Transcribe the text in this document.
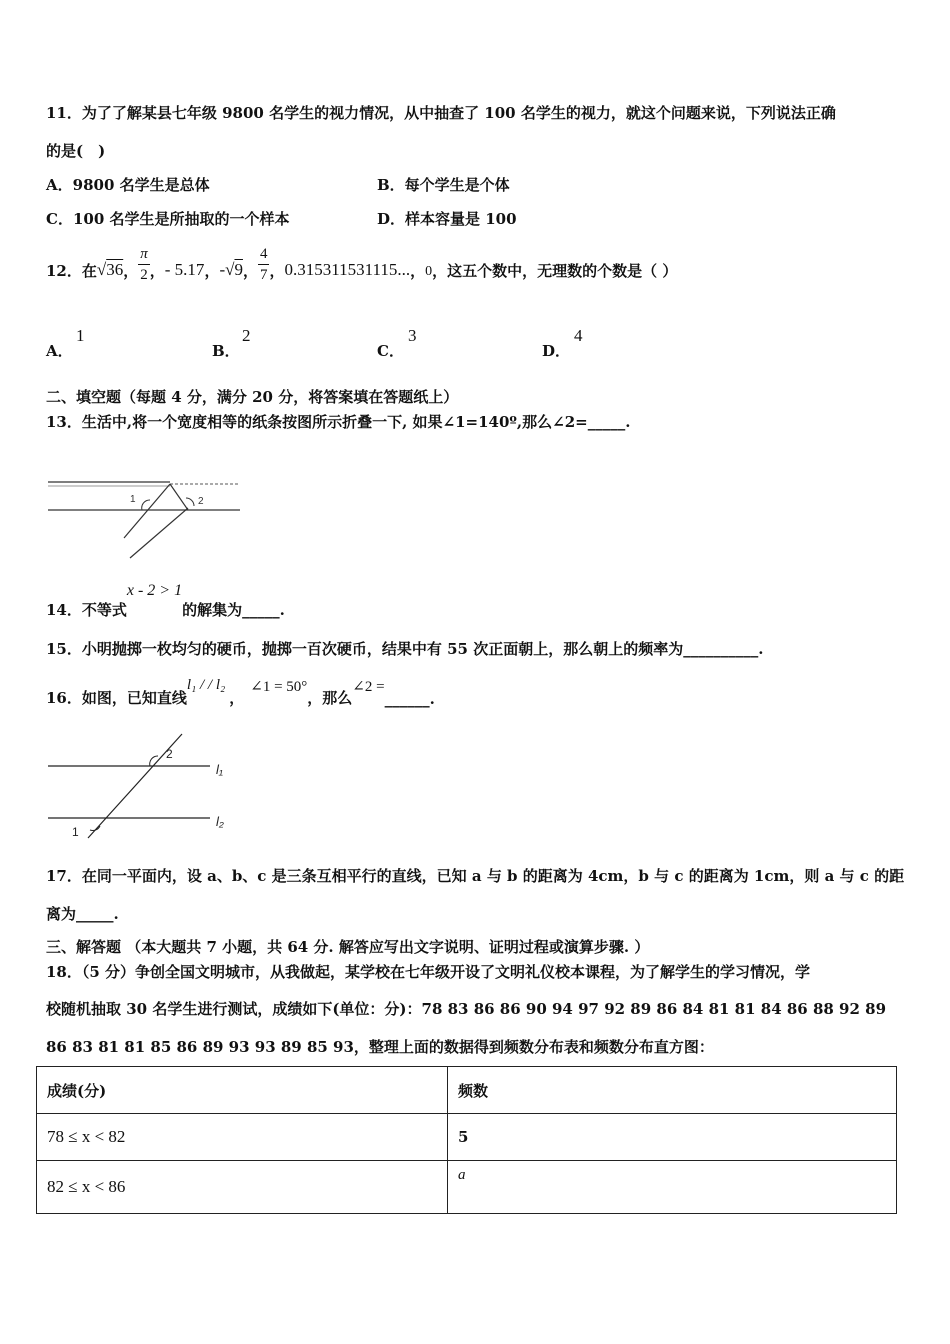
11．为了了解某县七年级 9800 名学生的视力情况，从中抽查了 100 名学生的视力，就这个问题来说，下列说法正确
的是(　)
A．9800 名学生是总体	B．每个学生是个体
C．100 名学生是所抽取的一个样本	D．样本容量是 100
12．在 √36 ， $\frac{\pi}{2}$ ， - 5.17 ， -√9 ， $\frac{4}{7}$ ， 0.315311531115... ， 0 ，这五个数中，无理数的个数是（ ）
A．
1
B．
2
C．
3
D．
4
二、填空题（每题 4 分，满分 20 分，将答案填在答题纸上）
13．生活中,将一个宽度相等的纸条按图所示折叠一下, 如果∠1=140º,那么∠2=_____.
1	2
14．不等式
x - 2 > 1
的解集为_____.
15．小明抛掷一枚均匀的硬币，抛掷一百次硬币，结果中有 55 次正面朝上，那么朝上的频率为__________.
16．如图，已知直线
l₁ / / l₂
，
∠1 = 50°
，那么
∠2 =
______.
2
1
l₁
l₂
17．在同一平面内，设 a、b、c 是三条互相平行的直线，已知 a 与 b 的距离为 4cm，b 与 c 的距离为 1cm，则 a 与 c 的距
离为_____.
三、解答题 （本大题共 7 小题，共 64 分. 解答应写出文字说明、证明过程或演算步骤. ）
18．（5 分）争创全国文明城市，从我做起，某学校在七年级开设了文明礼仪校本课程，为了解学生的学习情况，学
校随机抽取 30 名学生进行测试，成绩如下(单位：分)：78 83 86 86 90 94 97 92 89 86 84 81 81 84 86 88 92 89
86 83 81 81 85 86 89 93 93 89 85 93，整理上面的数据得到频数分布表和频数分布直方图：
成绩(分)	频数
78 ≤ x < 82	5
82 ≤ x < 86	a
